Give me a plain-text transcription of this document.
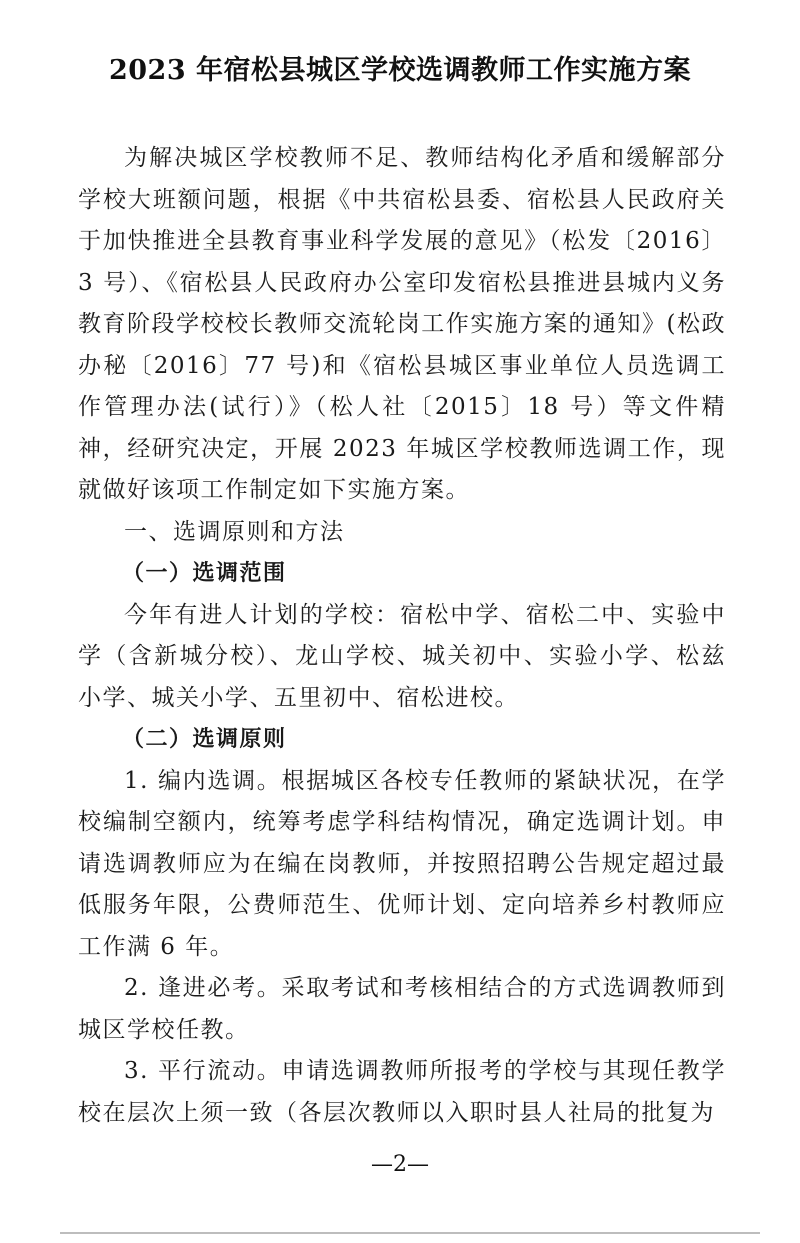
2023 年宿松县城区学校选调教师工作实施方案

为解决城区学校教师不足、教师结构化矛盾和缓解部分学校大班额问题，根据《中共宿松县委、宿松县人民政府关于加快推进全县教育事业科学发展的意见》（松发〔2016〕3 号）、《宿松县人民政府办公室印发宿松县推进县城内义务教育阶段学校校长教师交流轮岗工作实施方案的通知》(松政办秘〔2016〕77 号)和《宿松县城区事业单位人员选调工作管理办法(试行）》（松人社〔2015〕18 号）等文件精神，经研究决定，开展 2023 年城区学校教师选调工作，现就做好该项工作制定如下实施方案。

一、选调原则和方法

（一）选调范围

今年有进人计划的学校：宿松中学、宿松二中、实验中学（含新城分校）、龙山学校、城关初中、实验小学、松兹小学、城关小学、五里初中、宿松进校。

（二）选调原则

1. 编内选调。根据城区各校专任教师的紧缺状况，在学校编制空额内，统筹考虑学科结构情况，确定选调计划。申请选调教师应为在编在岗教师，并按照招聘公告规定超过最低服务年限，公费师范生、优师计划、定向培养乡村教师应工作满 6 年。

2. 逢进必考。采取考试和考核相结合的方式选调教师到城区学校任教。

3. 平行流动。申请选调教师所报考的学校与其现任教学校在层次上须一致（各层次教师以入职时县人社局的批复为

—2—
